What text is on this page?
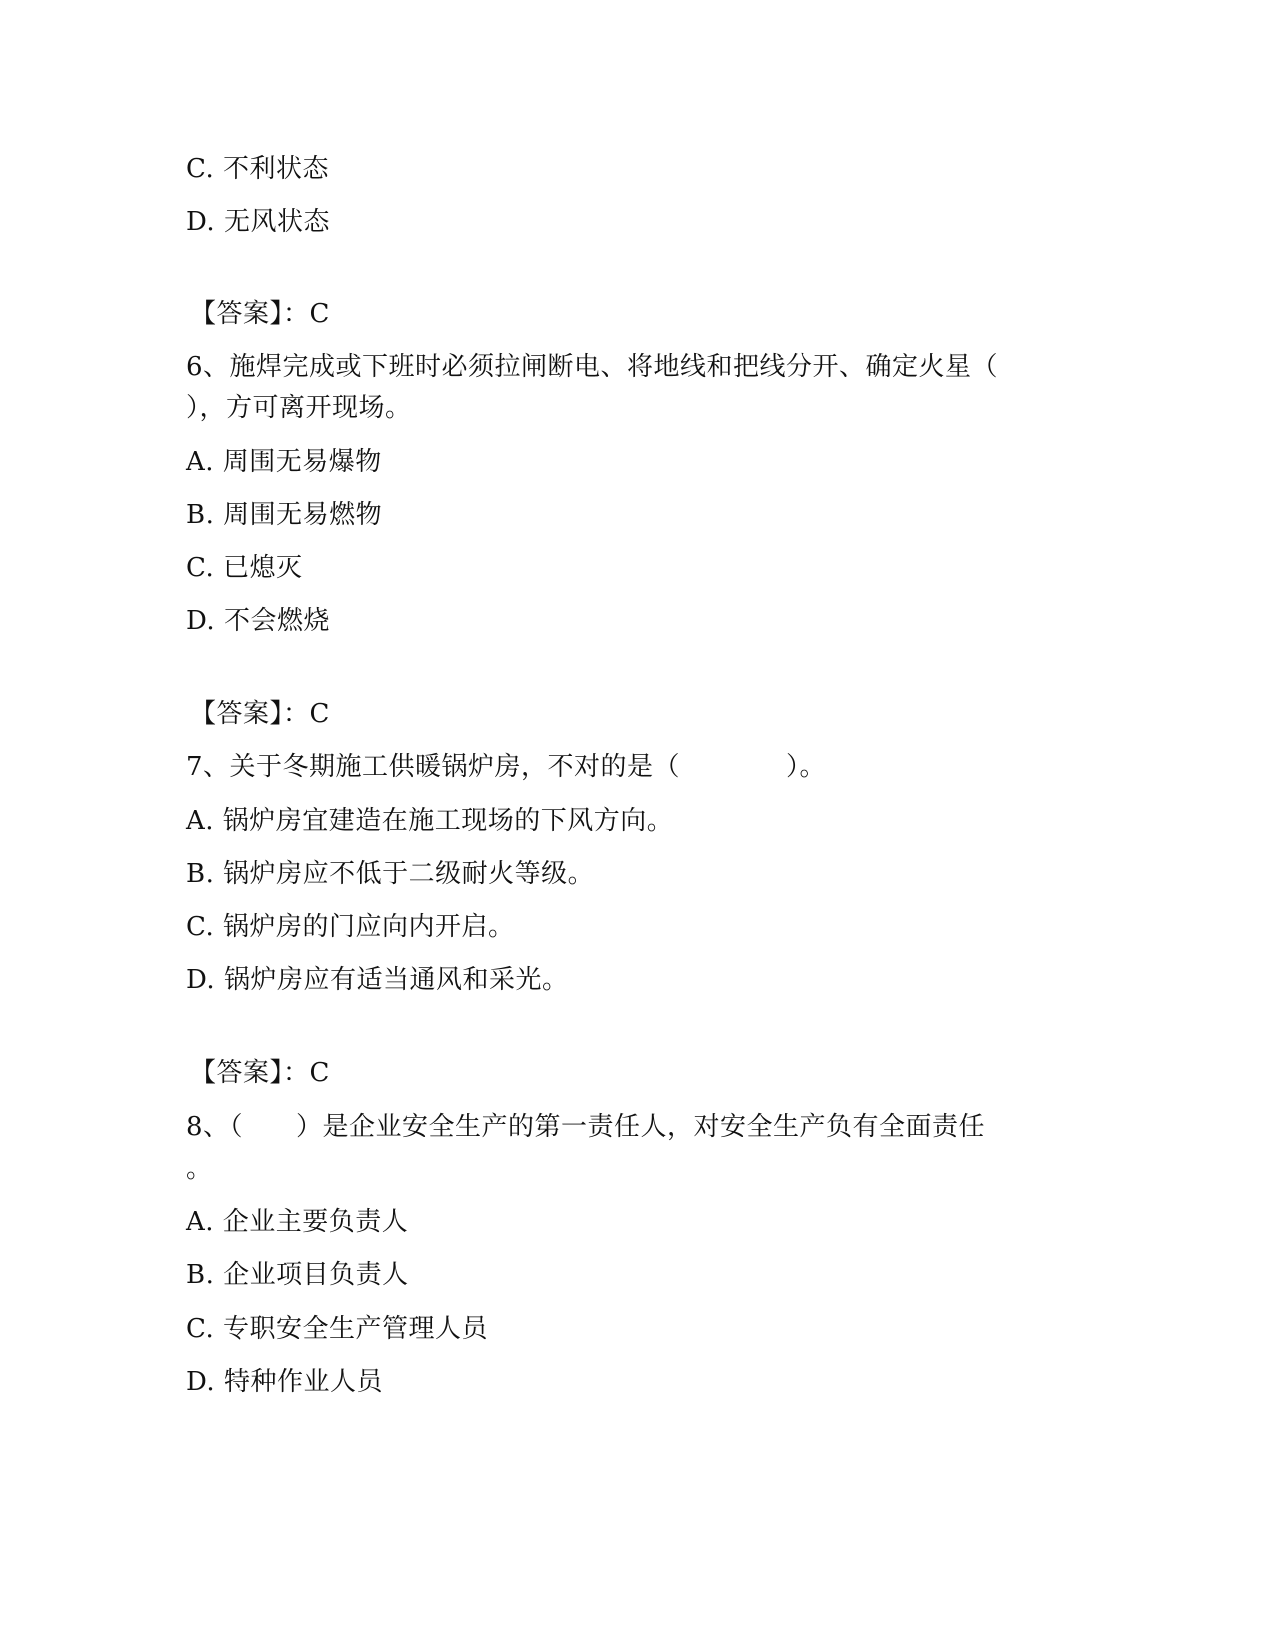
C. 不利状态
D. 无风状态
【答案】：C
6、施焊完成或下班时必须拉闸断电、将地线和把线分开、确定火星（
），方可离开现场。
A. 周围无易爆物
B. 周围无易燃物
C. 已熄灭
D. 不会燃烧
【答案】：C
7、关于冬期施工供暖锅炉房，不对的是（　　　　）。
A. 锅炉房宜建造在施工现场的下风方向。
B. 锅炉房应不低于二级耐火等级。
C. 锅炉房的门应向内开启。
D. 锅炉房应有适当通风和采光。
【答案】：C
8、（　　）是企业安全生产的第一责任人，对安全生产负有全面责任
。
A. 企业主要负责人
B. 企业项目负责人
C. 专职安全生产管理人员
D. 特种作业人员
